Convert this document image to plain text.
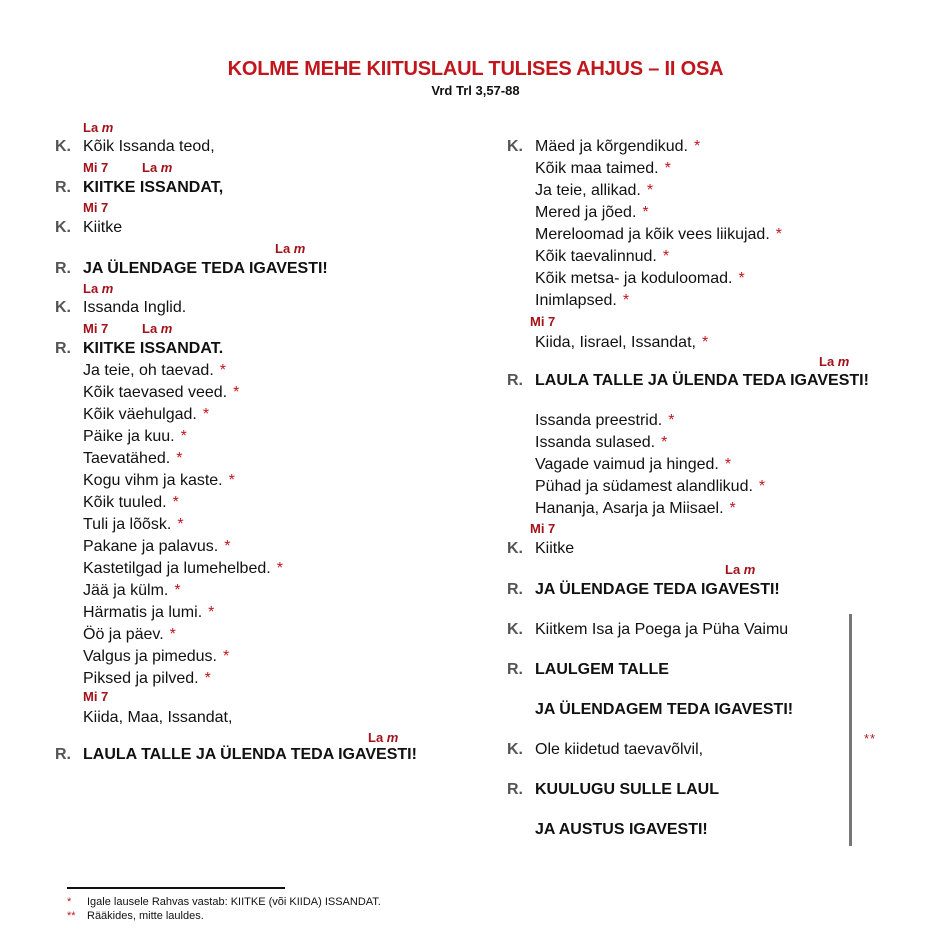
KOLME MEHE KIITUSLAUL TULISES AHJUS – II OSA
Vrd Trl 3,57-88
K. Kõik Issanda teod,
R. KIITKE ISSANDAT,
K. Kiitke
R. JA ÜLENDAGE TEDA IGAVESTI!
K. Issanda Inglid.
R. KIITKE ISSANDAT.
Ja teie, oh taevad. *
Kõik taevased veed. *
Kõik väehulgad. *
Päike ja kuu. *
Taevatähed. *
Kogu vihm ja kaste. *
Kõik tuuled. *
Tuli ja lõõsk. *
Pakane ja palavus. *
Kastetilgad ja lumehelbed. *
Jää ja külm. *
Härmatis ja lumi. *
Öö ja päev. *
Valgus ja pimedus. *
Piksed ja pilved. *
Kiida, Maa, Issandat,
R. LAULA TALLE JA ÜLENDA TEDA IGAVESTI!
La m
Mi 7	La m
Mi 7
La m
La m
Mi 7	La m
Mi 7
La m
K. Mäed ja kõrgendikud. *
Kõik maa taimed. *
Ja teie, allikad. *
Mered ja jõed. *
Mereloomad ja kõik vees liikujad. *
Kõik taevalinnud. *
Kõik metsa- ja koduloomad. *
Inimlapsed. *
Kiida, Iisrael, Issandat, *
R. LAULA TALLE JA ÜLENDA TEDA IGAVESTI!
Issanda preestrid. *
Issanda sulased. *
Vagade vaimud ja hinged. *
Pühad ja südamest alandlikud. *
Hananja, Asarja ja Miisael. *
K. Kiitke
R. JA ÜLENDAGE TEDA IGAVESTI!
K. Kiitkem Isa ja Poega ja Püha Vaimu
R. LAULGEM TALLE
JA ÜLENDAGEM TEDA IGAVESTI!
K. Ole kiidetud taevavõlvil,
R. KUULUGU SULLE LAUL
JA AUSTUS IGAVESTI!
Mi 7
La m
Mi 7
La m
**
* Igale lausele Rahvas vastab: KIITKE (või KIIDA) ISSANDAT.
** Rääkides, mitte lauldes.
